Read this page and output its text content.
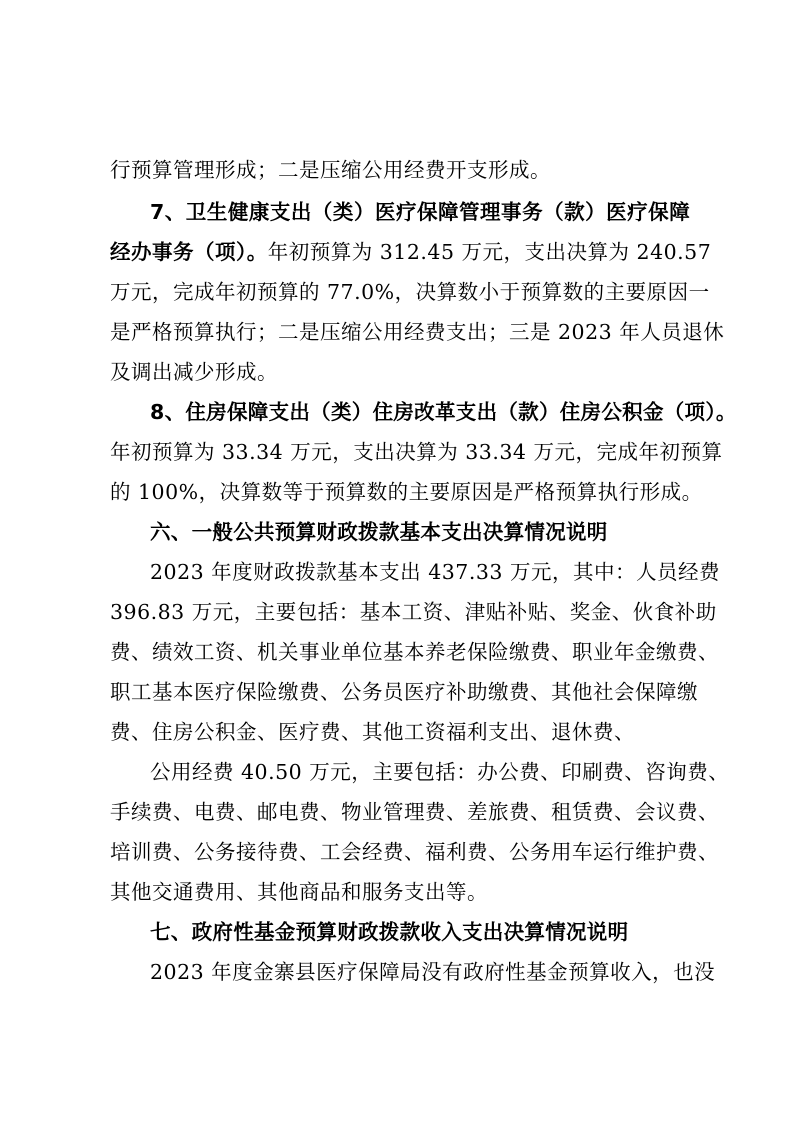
行预算管理形成；二是压缩公用经费开支形成。
7、卫生健康支出（类）医疗保障管理事务（款）医疗保障
经办事务（项）。年初预算为 312.45 万元，支出决算为 240.57
万元，完成年初预算的 77.0%，决算数小于预算数的主要原因一
是严格预算执行；二是压缩公用经费支出；三是 2023 年人员退休
及调出减少形成。
8、住房保障支出（类）住房改革支出（款）住房公积金（项）。
年初预算为 33.34 万元，支出决算为 33.34 万元，完成年初预算
的 100%，决算数等于预算数的主要原因是严格预算执行形成。
六、一般公共预算财政拨款基本支出决算情况说明
2023 年度财政拨款基本支出 437.33 万元，其中：人员经费
396.83 万元，主要包括：基本工资、津贴补贴、奖金、伙食补助
费、绩效工资、机关事业单位基本养老保险缴费、职业年金缴费、
职工基本医疗保险缴费、公务员医疗补助缴费、其他社会保障缴
费、住房公积金、医疗费、其他工资福利支出、退休费、
公用经费 40.50 万元，主要包括：办公费、印刷费、咨询费、
手续费、电费、邮电费、物业管理费、差旅费、租赁费、会议费、
培训费、公务接待费、工会经费、福利费、公务用车运行维护费、
其他交通费用、其他商品和服务支出等。
七、政府性基金预算财政拨款收入支出决算情况说明
2023 年度金寨县医疗保障局没有政府性基金预算收入，也没
